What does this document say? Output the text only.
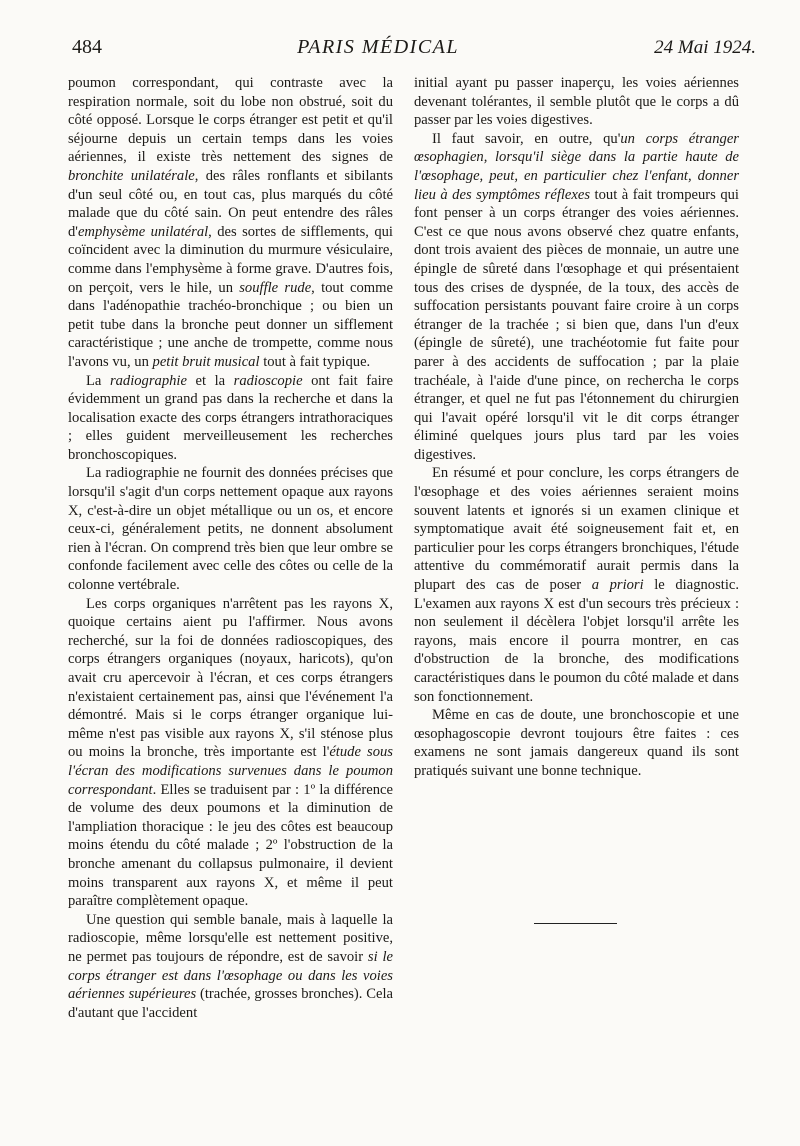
484	PARIS MÉDICAL	24 Mai 1924.

poumon correspondant, qui contraste avec la respiration normale, soit du lobe non obstrué, soit du côté opposé. Lorsque le corps étranger est petit et qu'il séjourne depuis un certain temps dans les voies aériennes, il existe très nettement des signes de bronchite unilatérale, des râles ronflants et sibilants d'un seul côté ou, en tout cas, plus marqués du côté malade que du côté sain. On peut entendre des râles d'emphysème unilatéral, des sortes de sifflements, qui coïncident avec la diminution du murmure vésiculaire, comme dans l'emphysème à forme grave. D'autres fois, on perçoit, vers le hile, un souffle rude, tout comme dans l'adénopathie trachéo-bronchique ; ou bien un petit tube dans la bronche peut donner un sifflement caractéristique ; une anche de trompette, comme nous l'avons vu, un petit bruit musical tout à fait typique.

La radiographie et la radioscopie ont fait faire évidemment un grand pas dans la recherche et dans la localisation exacte des corps étrangers intrathoraciques ; elles guident merveilleusement les recherches bronchoscopiques.

La radiographie ne fournit des données précises que lorsqu'il s'agit d'un corps nettement opaque aux rayons X, c'est-à-dire un objet métallique ou un os, et encore ceux-ci, généralement petits, ne donnent absolument rien à l'écran. On comprend très bien que leur ombre se confonde facilement avec celle des côtes ou celle de la colonne vertébrale.

Les corps organiques n'arrêtent pas les rayons X, quoique certains aient pu l'affirmer. Nous avons recherché, sur la foi de données radioscopiques, des corps étrangers organiques (noyaux, haricots), qu'on avait cru apercevoir à l'écran, et ces corps étrangers n'existaient certainement pas, ainsi que l'événement l'a démontré. Mais si le corps étranger organique lui-même n'est pas visible aux rayons X, s'il sténose plus ou moins la bronche, très importante est l'étude sous l'écran des modifications survenues dans le poumon correspondant. Elles se traduisent par : 1º la différence de volume des deux poumons et la diminution de l'ampliation thoracique : le jeu des côtes est beaucoup moins étendu du côté malade ; 2º l'obstruction de la bronche amenant du collapsus pulmonaire, il devient moins transparent aux rayons X, et même il peut paraître complètement opaque.

Une question qui semble banale, mais à laquelle la radioscopie, même lorsqu'elle est nettement positive, ne permet pas toujours de répondre, est de savoir si le corps étranger est dans l'œsophage ou dans les voies aériennes supérieures (trachée, grosses bronches). Cela d'autant que l'accident

initial ayant pu passer inaperçu, les voies aériennes devenant tolérantes, il semble plutôt que le corps a dû passer par les voies digestives.

Il faut savoir, en outre, qu'un corps étranger œsophagien, lorsqu'il siège dans la partie haute de l'œsophage, peut, en particulier chez l'enfant, donner lieu à des symptômes réflexes tout à fait trompeurs qui font penser à un corps étranger des voies aériennes. C'est ce que nous avons observé chez quatre enfants, dont trois avaient des pièces de monnaie, un autre une épingle de sûreté dans l'œsophage et qui présentaient tous des crises de dyspnée, de la toux, des accès de suffocation persistants pouvant faire croire à un corps étranger de la trachée ; si bien que, dans l'un d'eux (épingle de sûreté), une trachéotomie fut faite pour parer à des accidents de suffocation ; par la plaie trachéale, à l'aide d'une pince, on rechercha le corps étranger, et quel ne fut pas l'étonnement du chirurgien qui l'avait opéré lorsqu'il vit le dit corps étranger éliminé quelques jours plus tard par les voies digestives.

En résumé et pour conclure, les corps étrangers de l'œsophage et des voies aériennes seraient moins souvent latents et ignorés si un examen clinique et symptomatique avait été soigneusement fait et, en particulier pour les corps étrangers bronchiques, l'étude attentive du commémoratif aurait permis dans la plupart des cas de poser a priori le diagnostic. L'examen aux rayons X est d'un secours très précieux : non seulement il décèlera l'objet lorsqu'il arrête les rayons, mais encore il pourra montrer, en cas d'obstruction de la bronche, des modifications caractéristiques dans le poumon du côté malade et dans son fonctionnement.

Même en cas de doute, une bronchoscopie et une œsophagoscopie devront toujours être faites : ces examens ne sont jamais dangereux quand ils sont pratiqués suivant une bonne technique.
